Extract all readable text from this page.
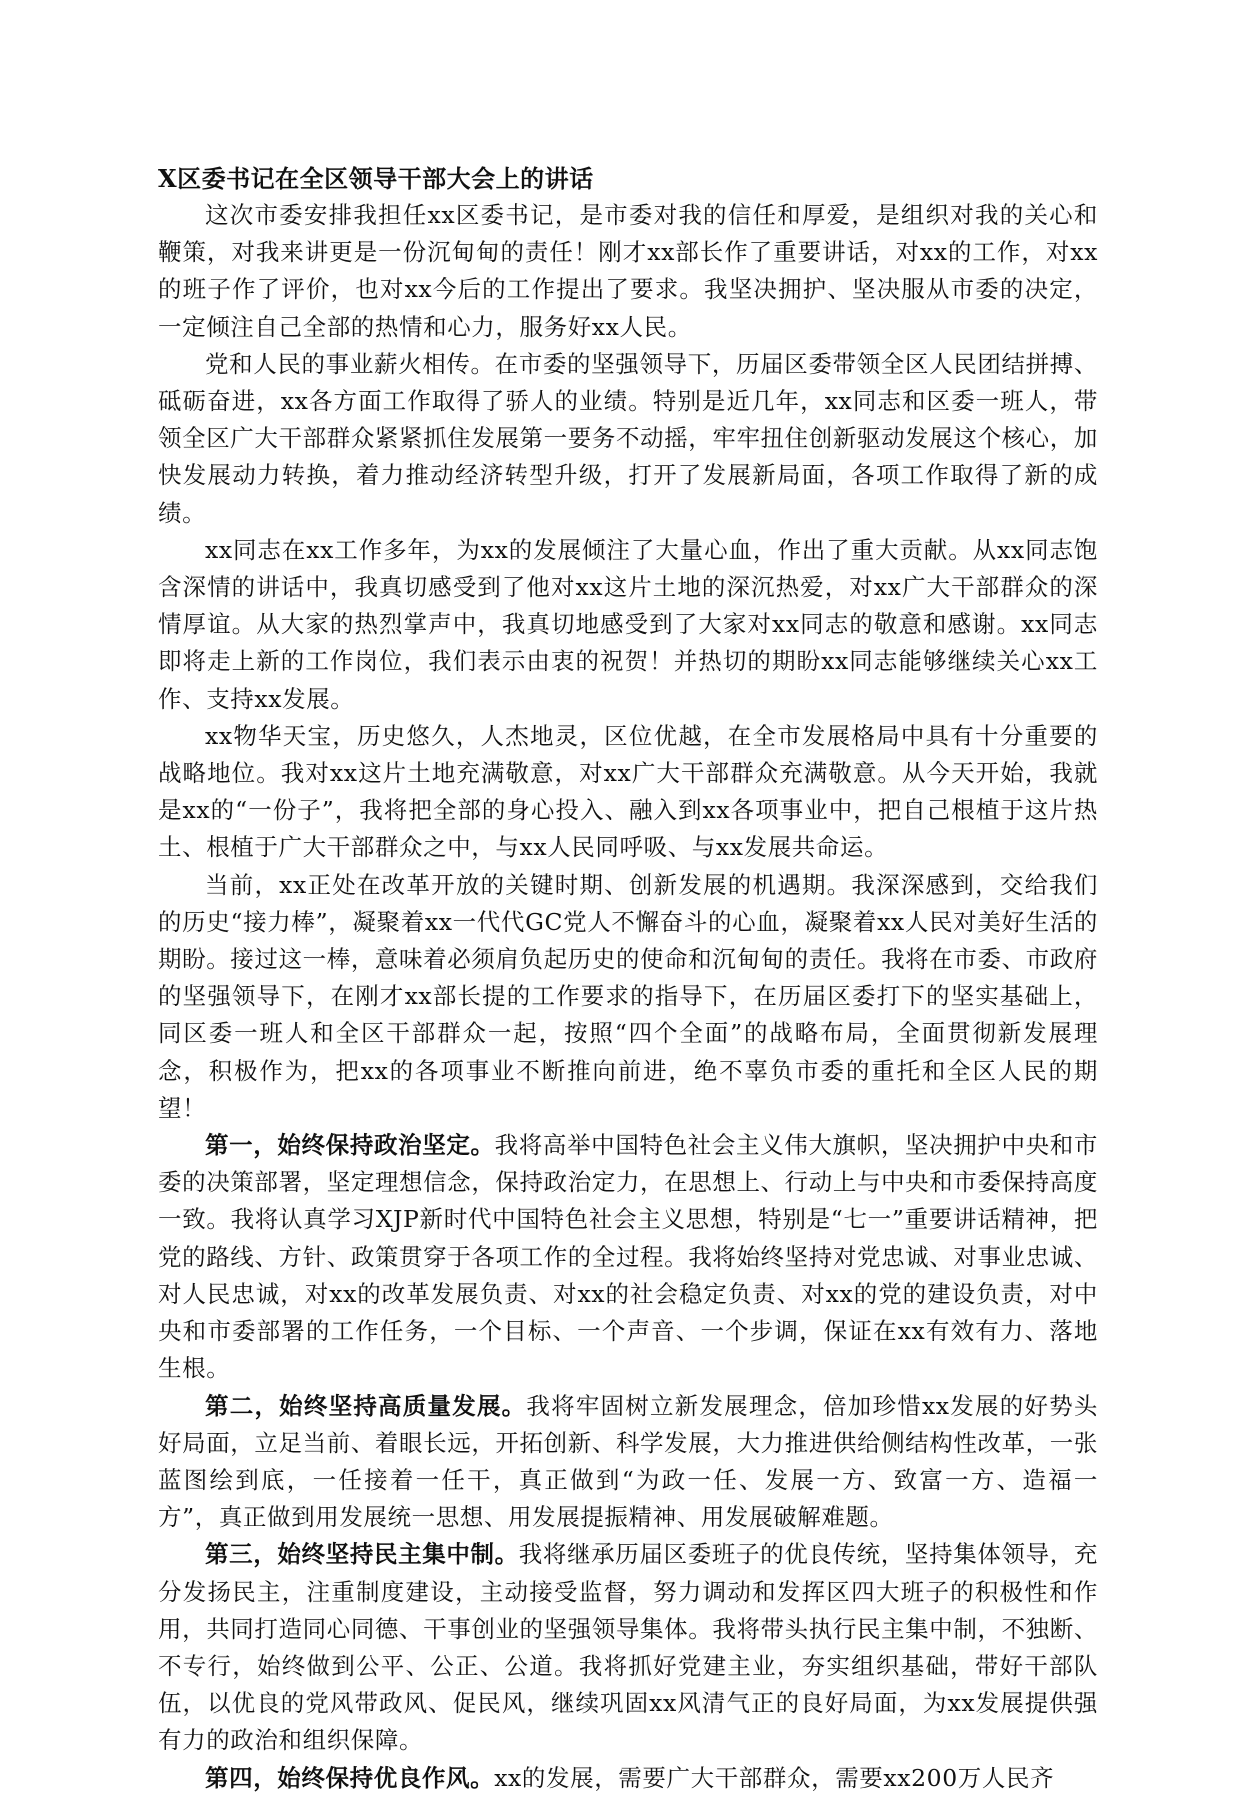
X区委书记在全区领导干部大会上的讲话

这次市委安排我担任xx区委书记，是市委对我的信任和厚爱，是组织对我的关心和鞭策，对我来讲更是一份沉甸甸的责任！刚才xx部长作了重要讲话，对xx的工作，对xx的班子作了评价，也对xx今后的工作提出了要求。我坚决拥护、坚决服从市委的决定，一定倾注自己全部的热情和心力，服务好xx人民。

党和人民的事业薪火相传。在市委的坚强领导下，历届区委带领全区人民团结拼搏、砥砺奋进，xx各方面工作取得了骄人的业绩。特别是近几年，xx同志和区委一班人，带领全区广大干部群众紧紧抓住发展第一要务不动摇，牢牢扭住创新驱动发展这个核心，加快发展动力转换，着力推动经济转型升级，打开了发展新局面，各项工作取得了新的成绩。

xx同志在xx工作多年，为xx的发展倾注了大量心血，作出了重大贡献。从xx同志饱含深情的讲话中，我真切感受到了他对xx这片土地的深沉热爱，对xx广大干部群众的深情厚谊。从大家的热烈掌声中，我真切地感受到了大家对xx同志的敬意和感谢。xx同志即将走上新的工作岗位，我们表示由衷的祝贺！并热切的期盼xx同志能够继续关心xx工作、支持xx发展。

xx物华天宝，历史悠久，人杰地灵，区位优越，在全市发展格局中具有十分重要的战略地位。我对xx这片土地充满敬意，对xx广大干部群众充满敬意。从今天开始，我就是xx的“一份子”，我将把全部的身心投入、融入到xx各项事业中，把自己根植于这片热土、根植于广大干部群众之中，与xx人民同呼吸、与xx发展共命运。

当前，xx正处在改革开放的关键时期、创新发展的机遇期。我深深感到，交给我们的历史“接力棒”，凝聚着xx一代代GC党人不懈奋斗的心血，凝聚着xx人民对美好生活的期盼。接过这一棒，意味着必须肩负起历史的使命和沉甸甸的责任。我将在市委、市政府的坚强领导下，在刚才xx部长提的工作要求的指导下，在历届区委打下的坚实基础上，同区委一班人和全区干部群众一起，按照“四个全面”的战略布局，全面贯彻新发展理念，积极作为，把xx的各项事业不断推向前进，绝不辜负市委的重托和全区人民的期望！

第一，始终保持政治坚定。我将高举中国特色社会主义伟大旗帜，坚决拥护中央和市委的决策部署，坚定理想信念，保持政治定力，在思想上、行动上与中央和市委保持高度一致。我将认真学习XJP新时代中国特色社会主义思想，特别是“七一”重要讲话精神，把党的路线、方针、政策贯穿于各项工作的全过程。我将始终坚持对党忠诚、对事业忠诚、对人民忠诚，对xx的改革发展负责、对xx的社会稳定负责、对xx的党的建设负责，对中央和市委部署的工作任务，一个目标、一个声音、一个步调，保证在xx有效有力、落地生根。

第二，始终坚持高质量发展。我将牢固树立新发展理念，倍加珍惜xx发展的好势头好局面，立足当前、着眼长远，开拓创新、科学发展，大力推进供给侧结构性改革，一张蓝图绘到底，一任接着一任干，真正做到“为政一任、发展一方、致富一方、造福一方”，真正做到用发展统一思想、用发展提振精神、用发展破解难题。

第三，始终坚持民主集中制。我将继承历届区委班子的优良传统，坚持集体领导，充分发扬民主，注重制度建设，主动接受监督，努力调动和发挥区四大班子的积极性和作用，共同打造同心同德、干事创业的坚强领导集体。我将带头执行民主集中制，不独断、不专行，始终做到公平、公正、公道。我将抓好党建主业，夯实组织基础，带好干部队伍，以优良的党风带政风、促民风，继续巩固xx风清气正的良好局面，为xx发展提供强有力的政治和组织保障。

第四，始终保持优良作风。xx的发展，需要广大干部群众，需要xx200万人民齐
